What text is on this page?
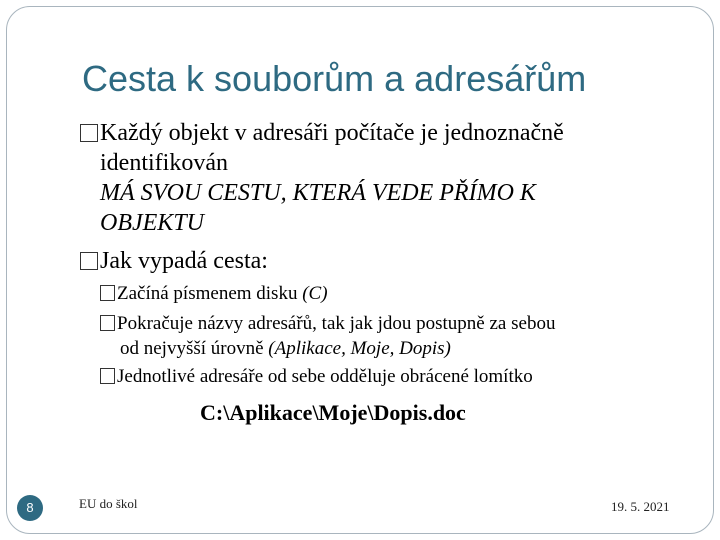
Cesta k souborům a adresářům
Každý objekt v adresáři počítače je jednoznačně
identifikován
MÁ SVOU CESTU, KTERÁ VEDE PŘÍMO K
OBJEKTU
Jak vypadá cesta:
Začíná písmenem disku (C)
Pokračuje názvy adresářů, tak jak jdou postupně za sebou
od nejvyšší úrovně (Aplikace, Moje, Dopis)
Jednotlivé adresáře od sebe odděluje obrácené lomítko
C:\Aplikace\Moje\Dopis.doc
8	EU do škol	19. 5. 2021
